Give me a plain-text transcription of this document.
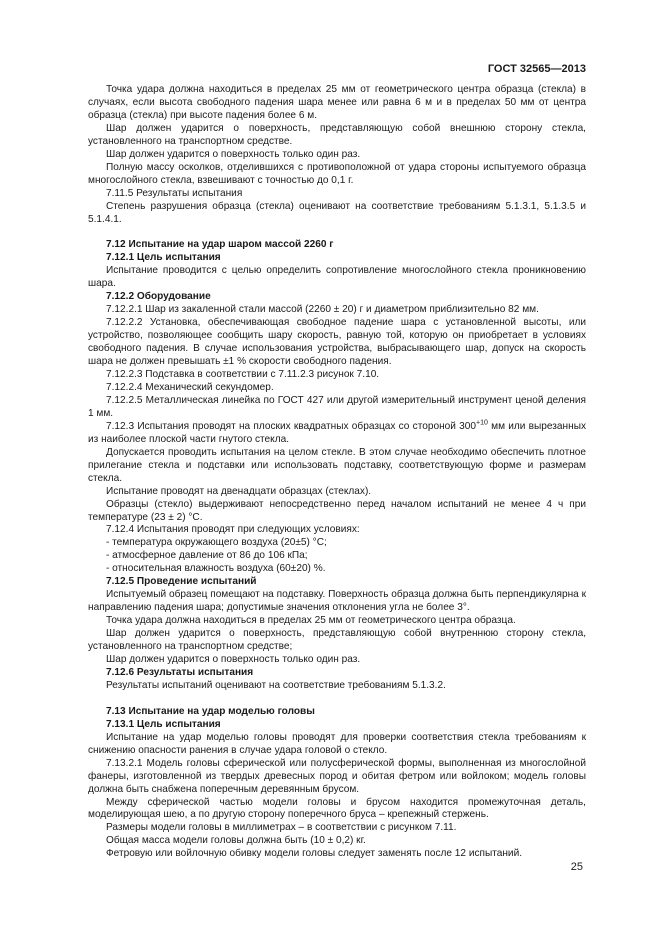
ГОСТ 32565—2013

Точка удара должна находиться в пределах 25 мм от геометрического центра образца (стекла) в случаях, если высота свободного падения шара менее или равна 6 м и в пределах 50 мм от центра образца (стекла) при высоте падения более 6 м.

Шар должен ударится о поверхность, представляющую собой внешнюю сторону стекла, установленного на транспортном средстве.

Шар должен ударится о поверхность только один раз.

Полную массу осколков, отделившихся с противоположной от удара стороны испытуемого образца многослойного стекла, взвешивают с точностью до 0,1 г.

7.11.5 Результаты испытания

Степень разрушения образца (стекла) оценивают на соответствие требованиям 5.1.3.1, 5.1.3.5 и 5.1.4.1.

7.12 Испытание на удар шаром массой 2260 г

7.12.1 Цель испытания

Испытание проводится с целью определить сопротивление многослойного стекла проникновению шара.

7.12.2 Оборудование

7.12.2.1 Шар из закаленной стали массой (2260 ± 20) г и диаметром приблизительно 82 мм.

7.12.2.2 Установка, обеспечивающая свободное падение шара с установленной высоты, или устройство, позволяющее сообщить шару скорость, равную той, которую он приобретает в условиях свободного падения. В случае использования устройства, выбрасывающего шар, допуск на скорость шара не должен превышать ±1 % скорости свободного падения.

7.12.2.3 Подставка в соответствии с 7.11.2.3 рисунок 7.10.

7.12.2.4 Механический секундомер.

7.12.2.5 Металлическая линейка по ГОСТ 427 или другой измерительный инструмент ценой деления 1 мм.

7.12.3 Испытания проводят на плоских квадратных образцах со стороной $300^{+10}$ мм или вырезанных из наиболее плоской части гнутого стекла.

Допускается проводить испытания на целом стекле. В этом случае необходимо обеспечить плотное прилегание стекла и подставки или использовать подставку, соответствующую форме и размерам стекла.

Испытание проводят на двенадцати образцах (стеклах).

Образцы (стекло) выдерживают непосредственно перед началом испытаний не менее 4 ч при температуре (23 ± 2) °С.

7.12.4 Испытания проводят при следующих условиях:

- температура окружающего воздуха (20±5) °С;

- атмосферное давление от 86 до 106 кПа;

- относительная влажность воздуха (60±20) %.

7.12.5 Проведение испытаний

Испытуемый образец помещают на подставку. Поверхность образца должна быть перпендикулярна к направлению падения шара; допустимые значения отклонения угла не более 3°.

Точка удара должна находиться в пределах 25 мм от геометрического центра образца.

Шар должен ударится о поверхность, представляющую собой внутреннюю сторону стекла, установленного на транспортном средстве;

Шар должен ударится о поверхность только один раз.

7.12.6 Результаты испытания

Результаты испытаний оценивают на соответствие требованиям 5.1.3.2.

7.13 Испытание на удар моделью головы

7.13.1 Цель испытания

Испытание на удар моделью головы проводят для проверки соответствия стекла требованиям к снижению опасности ранения в случае удара головой о стекло.

7.13.2.1 Модель головы сферической или полусферической формы, выполненная из многослойной фанеры, изготовленной из твердых древесных пород и обитая фетром или войлоком; модель головы должна быть снабжена поперечным деревянным брусом.

Между сферической частью модели головы и брусом находится промежуточная деталь, моделирующая шею, а по другую сторону поперечного бруса – крепежный стержень.

Размеры модели головы в миллиметрах – в соответствии с рисунком 7.11.

Общая масса модели головы должна быть (10 ± 0,2) кг.

Фетровую или войлочную обивку модели головы следует заменять после 12 испытаний.

25
